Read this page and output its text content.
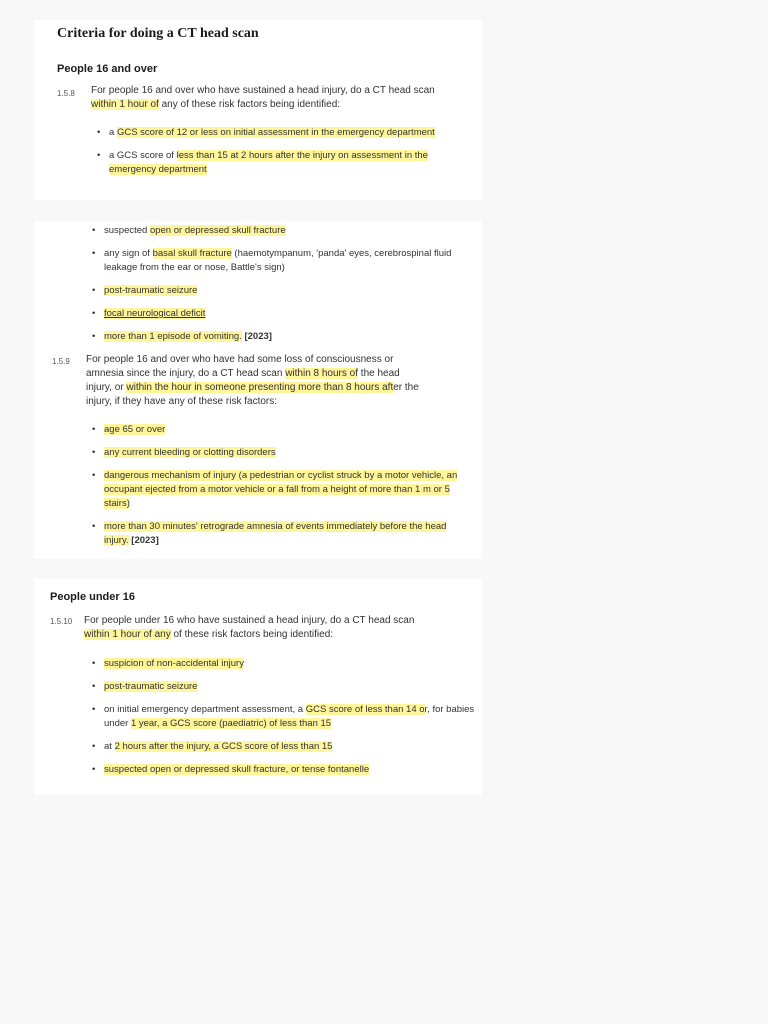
Criteria for doing a CT head scan
People 16 and over
1.5.8 For people 16 and over who have sustained a head injury, do a CT head scan within 1 hour of any of these risk factors being identified:

• a GCS score of 12 or less on initial assessment in the emergency department
• a GCS score of less than 15 at 2 hours after the injury on assessment in the emergency department
• suspected open or depressed skull fracture
• any sign of basal skull fracture (haemotympanum, 'panda' eyes, cerebrospinal fluid leakage from the ear or nose, Battle's sign)
• post-traumatic seizure
• focal neurological deficit
• more than 1 episode of vomiting. [2023]
1.5.9 For people 16 and over who have had some loss of consciousness or amnesia since the injury, do a CT head scan within 8 hours of the head injury, or within the hour in someone presenting more than 8 hours after the injury, if they have any of these risk factors:

• age 65 or over
• any current bleeding or clotting disorders
• dangerous mechanism of injury (a pedestrian or cyclist struck by a motor vehicle, an occupant ejected from a motor vehicle or a fall from a height of more than 1 m or 5 stairs)
• more than 30 minutes' retrograde amnesia of events immediately before the head injury. [2023]
People under 16
1.5.10 For people under 16 who have sustained a head injury, do a CT head scan within 1 hour of any of these risk factors being identified:

• suspicion of non-accidental injury
• post-traumatic seizure
• on initial emergency department assessment, a GCS score of less than 14 or, for babies under 1 year, a GCS score (paediatric) of less than 15
• at 2 hours after the injury, a GCS score of less than 15
• suspected open or depressed skull fracture, or tense fontanelle
